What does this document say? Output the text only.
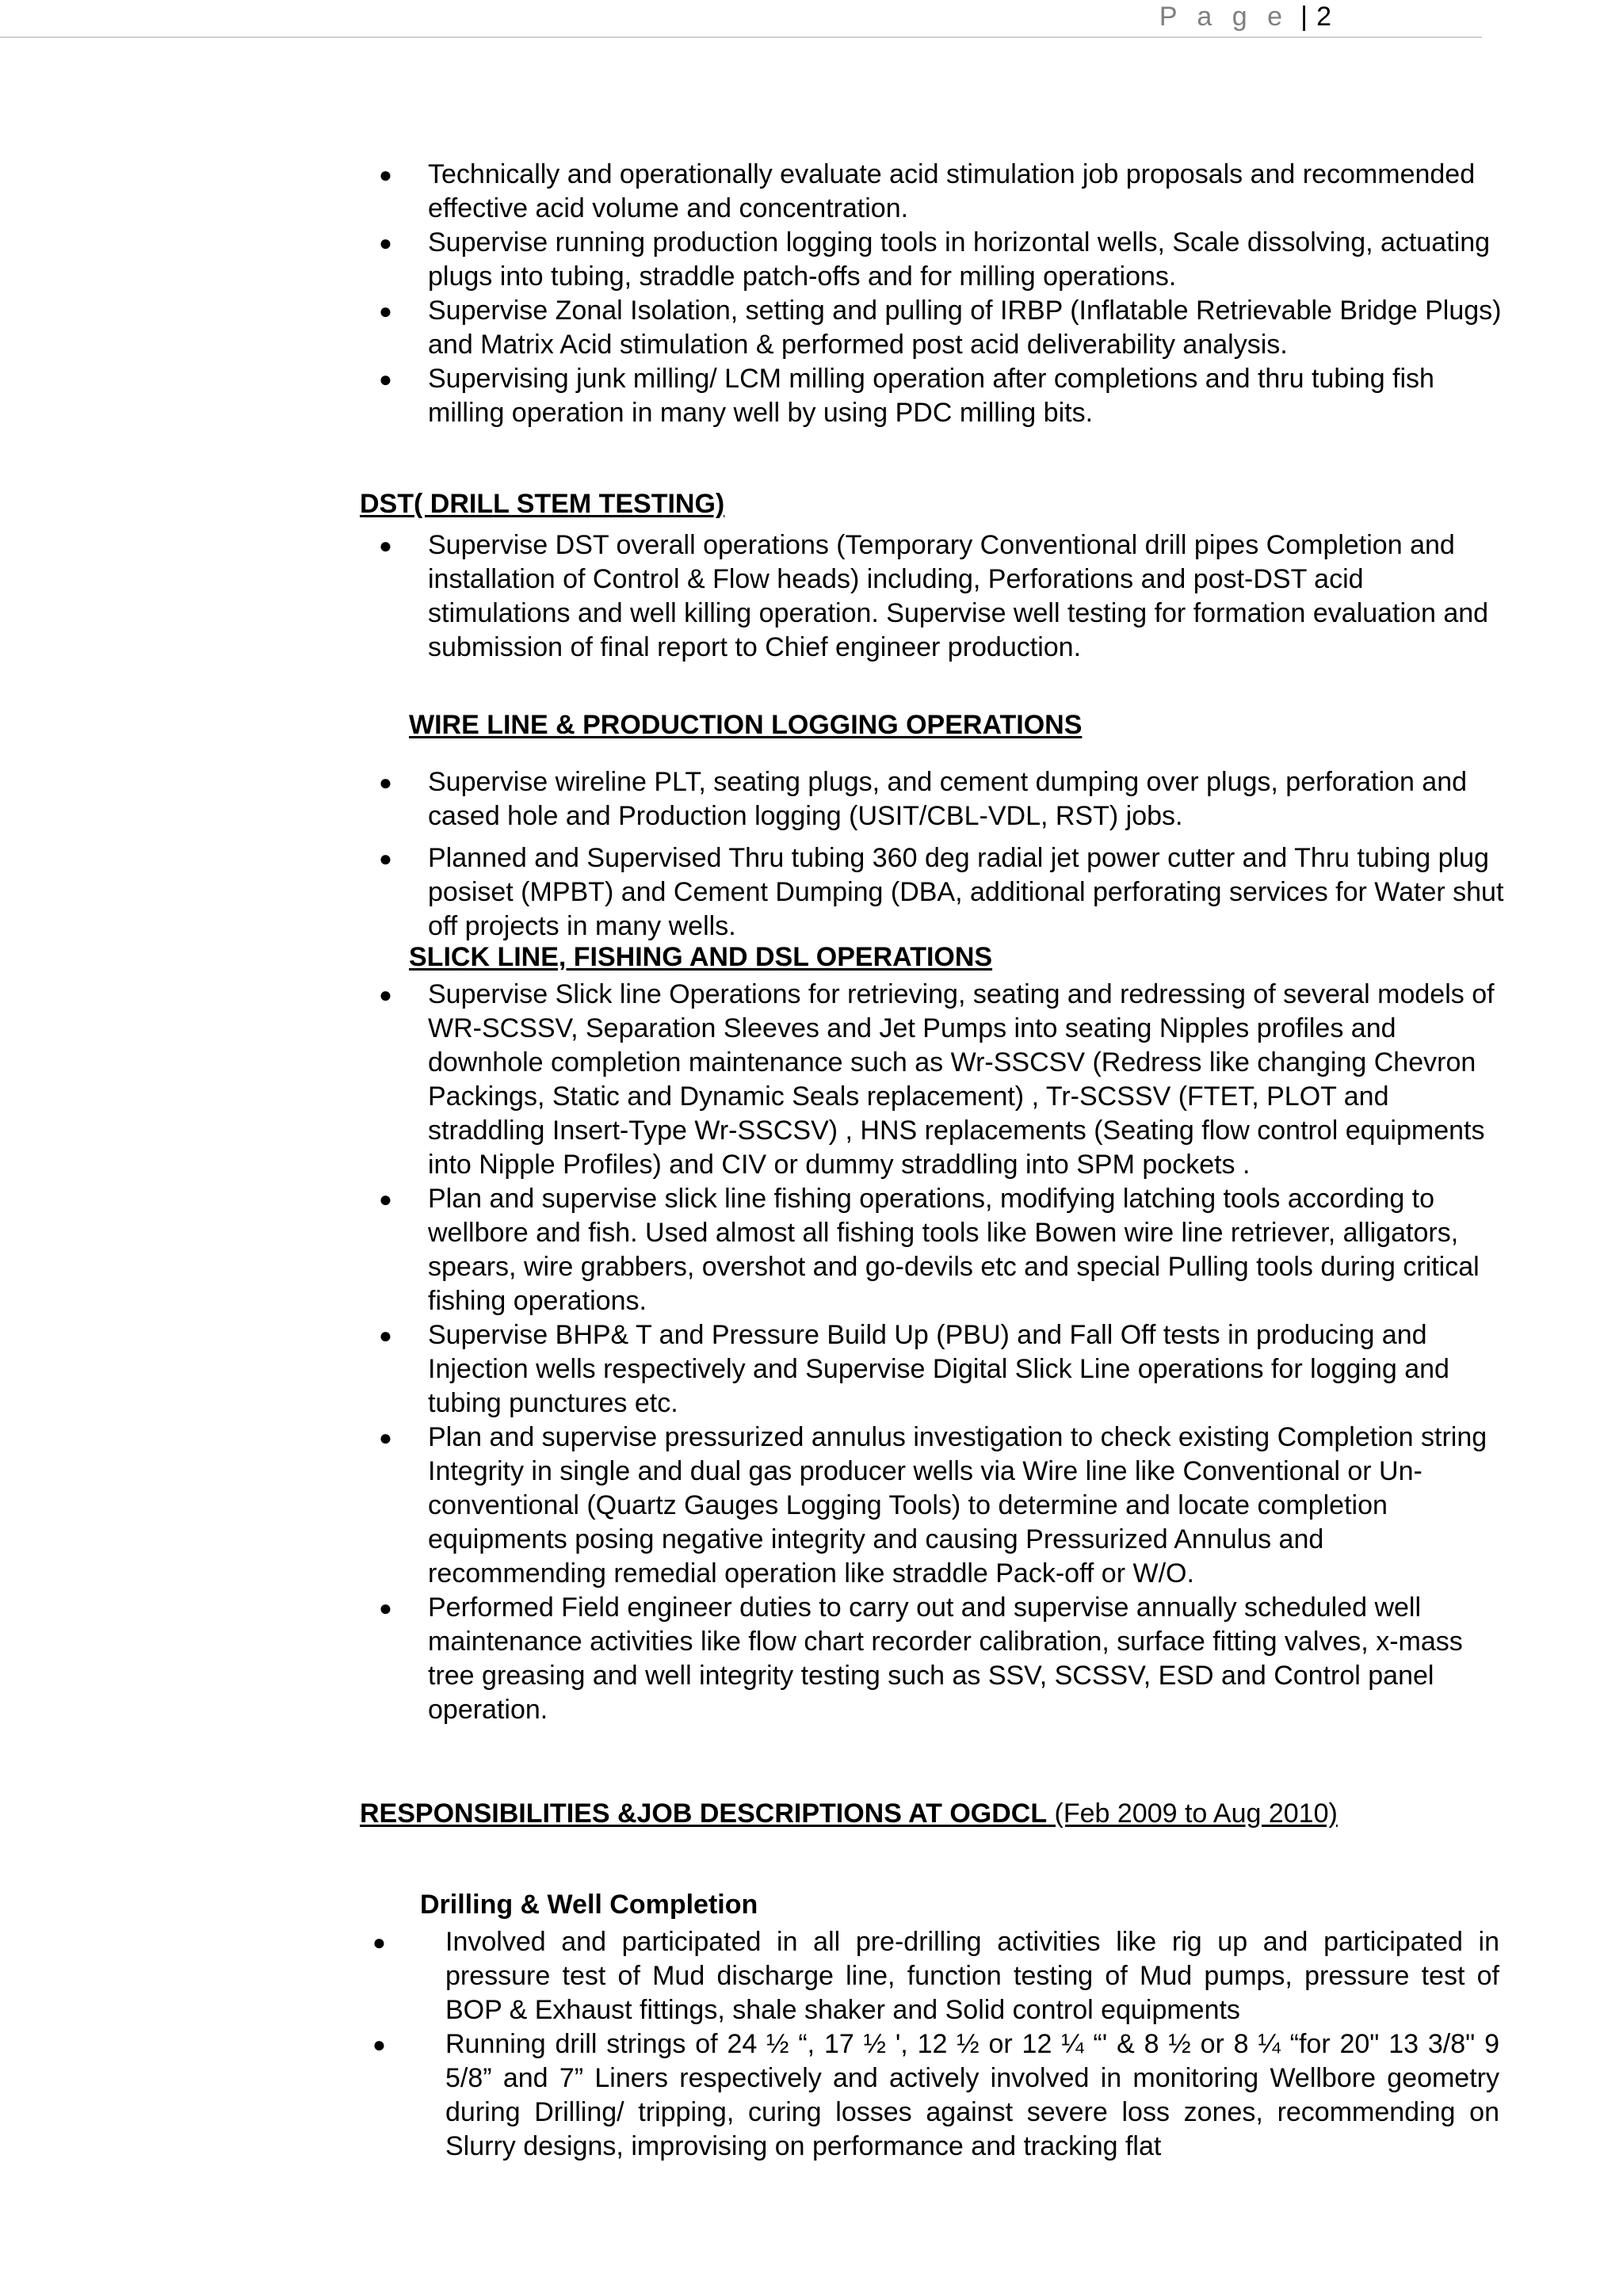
P a g e | 2
● Technically and operationally evaluate acid stimulation job proposals and recommended effective acid volume and concentration.
● Supervise running production logging tools in horizontal wells, Scale dissolving, actuating plugs into tubing, straddle patch-offs and for milling operations.
● Supervise Zonal Isolation, setting and pulling of IRBP (Inflatable Retrievable Bridge Plugs) and Matrix Acid stimulation & performed post acid deliverability analysis.
● Supervising junk milling/ LCM milling operation after completions and thru tubing fish milling operation in many well by using PDC milling bits.
DST( DRILL STEM TESTING)
● Supervise DST overall operations (Temporary Conventional drill pipes Completion and installation of Control & Flow heads) including, Perforations and post-DST acid stimulations and well killing operation. Supervise well testing for formation evaluation and submission of final report to Chief engineer production.
WIRE LINE & PRODUCTION LOGGING OPERATIONS
● Supervise wireline PLT, seating plugs, and cement dumping over plugs, perforation and cased hole and Production logging (USIT/CBL-VDL, RST) jobs.
● Planned and Supervised Thru tubing 360 deg radial jet power cutter and Thru tubing plug posiset (MPBT) and Cement Dumping (DBA, additional perforating services for Water shut off projects in many wells.
SLICK LINE, FISHING AND DSL OPERATIONS
● Supervise Slick line Operations for retrieving, seating and redressing of several models of WR-SCSSV, Separation Sleeves and Jet Pumps into seating Nipples profiles and downhole completion maintenance such as Wr-SSCSV (Redress like changing Chevron Packings, Static and Dynamic Seals replacement) , Tr-SCSSV (FTET, PLOT and straddling Insert-Type Wr-SSCSV) , HNS replacements (Seating flow control equipments into Nipple Profiles) and CIV or dummy straddling into SPM pockets .
● Plan and supervise slick line fishing operations, modifying latching tools according to wellbore and fish. Used almost all fishing tools like Bowen wire line retriever, alligators, spears, wire grabbers, overshot and go-devils etc and special Pulling tools during critical fishing operations.
● Supervise BHP& T and Pressure Build Up (PBU) and Fall Off tests in producing and Injection wells respectively and Supervise Digital Slick Line operations for logging and tubing punctures etc.
● Plan and supervise pressurized annulus investigation to check existing Completion string Integrity in single and dual gas producer wells via Wire line like Conventional or Un-conventional (Quartz Gauges Logging Tools) to determine and locate completion equipments posing negative integrity and causing Pressurized Annulus and recommending remedial operation like straddle Pack-off or W/O.
● Performed Field engineer duties to carry out and supervise annually scheduled well maintenance activities like flow chart recorder calibration, surface fitting valves, x-mass tree greasing and well integrity testing such as SSV, SCSSV, ESD and Control panel operation.
RESPONSIBILITIES &JOB DESCRIPTIONS AT OGDCL (Feb 2009 to Aug 2010)
Drilling & Well Completion
● Involved and participated in all pre-drilling activities like rig up and participated in pressure test of Mud discharge line, function testing of Mud pumps, pressure test of BOP & Exhaust fittings, shale shaker and Solid control equipments
● Running drill strings of 24 ½ “, 17 ½ ', 12 ½ or 12 ¼ “' & 8 ½ or 8 ¼ “for 20" 13 3/8" 9 5/8” and 7” Liners respectively and actively involved in monitoring Wellbore geometry during Drilling/ tripping, curing losses against severe loss zones, recommending on Slurry designs, improvising on performance and tracking flat
